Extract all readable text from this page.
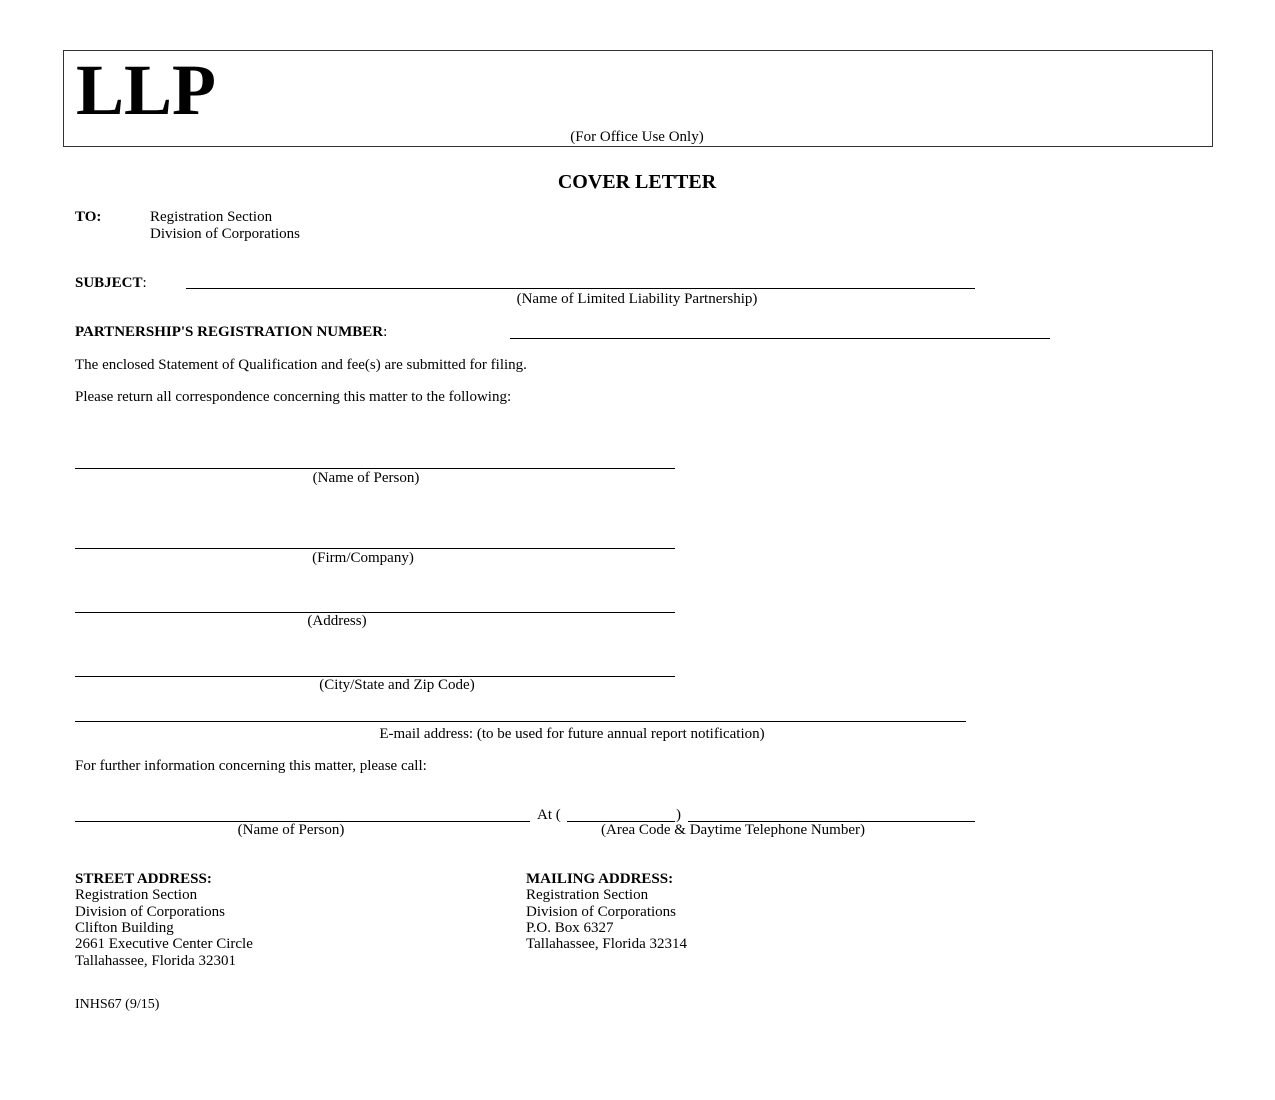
LLP
(For Office Use Only)
COVER LETTER
TO:	Registration Section
Division of Corporations
SUBJECT:
(Name of Limited Liability Partnership)
PARTNERSHIP'S REGISTRATION NUMBER:
The enclosed Statement of Qualification and fee(s) are submitted for filing.
Please return all correspondence concerning this matter to the following:
(Name of Person)
(Firm/Company)
(Address)
(City/State and Zip Code)
E-mail address: (to be used for future annual report notification)
For further information concerning this matter, please call:
At (	)
(Name of Person)	(Area Code & Daytime Telephone Number)
STREET ADDRESS:
Registration Section
Division of Corporations
Clifton Building
2661 Executive Center Circle
Tallahassee, Florida 32301
MAILING ADDRESS:
Registration Section
Division of Corporations
P.O. Box 6327
Tallahassee, Florida 32314
INHS67 (9/15)
